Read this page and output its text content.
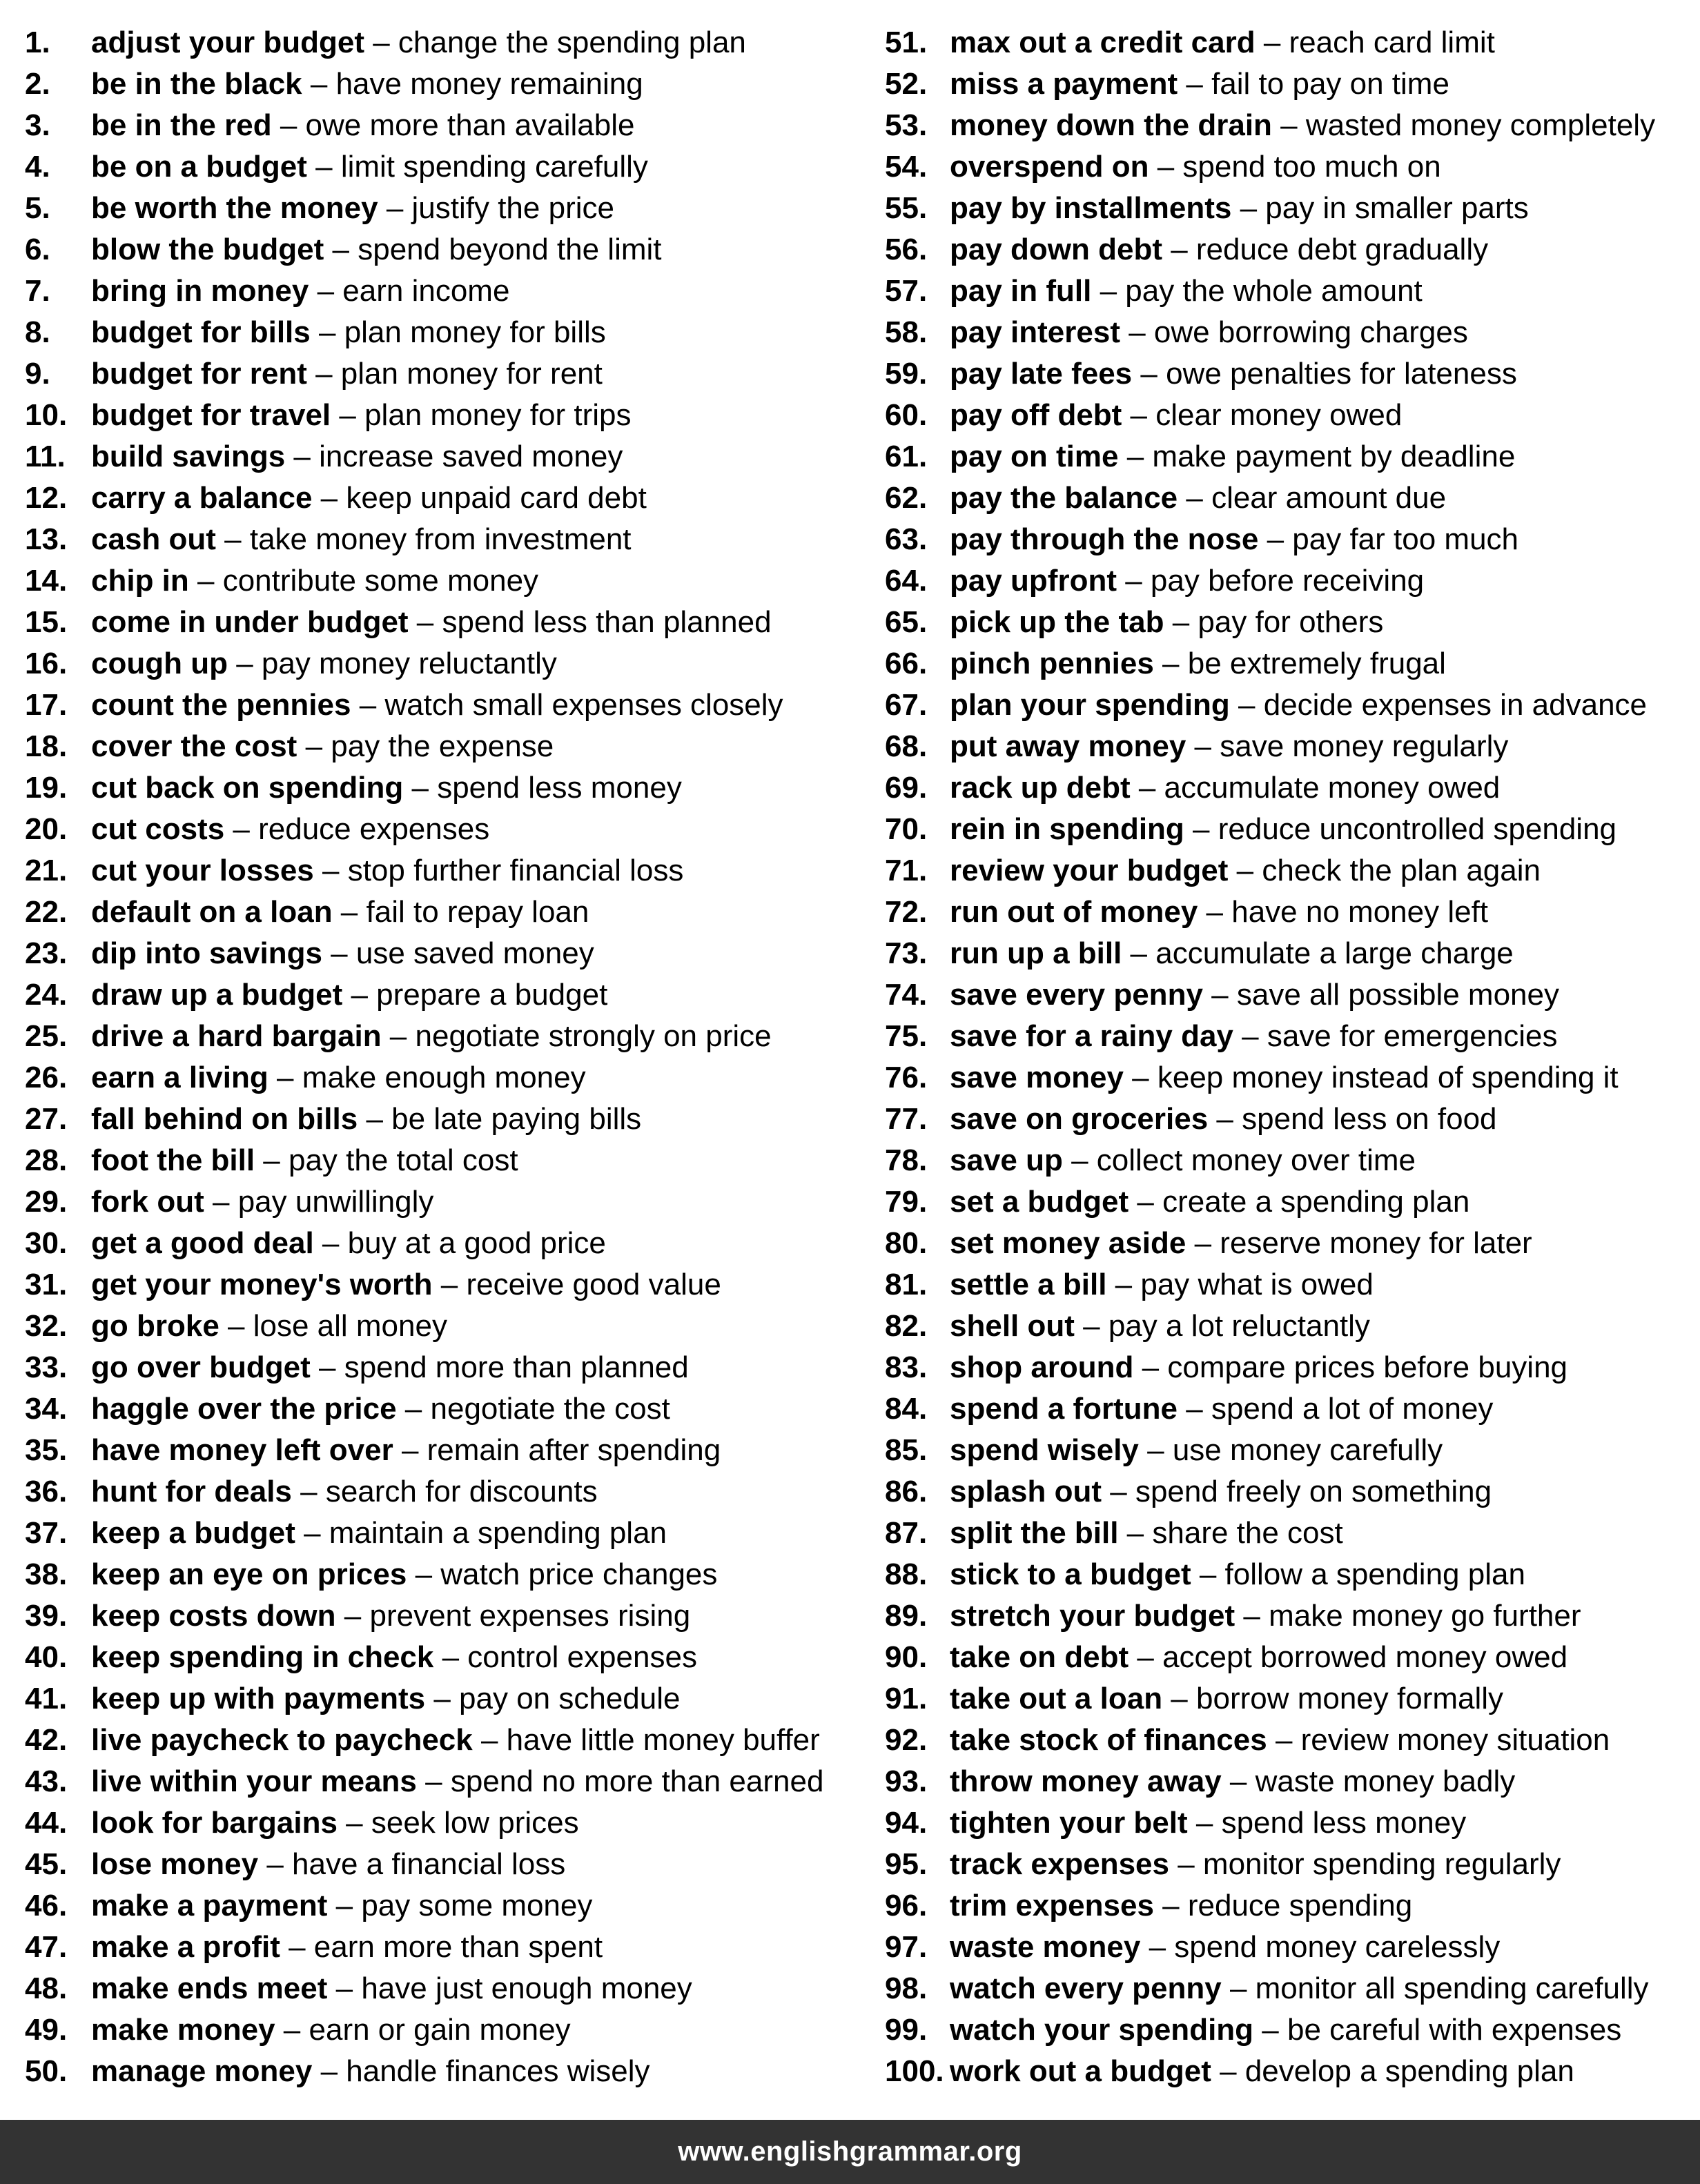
1. adjust your budget – change the spending plan
2. be in the black – have money remaining
3. be in the red – owe more than available
4. be on a budget – limit spending carefully
5. be worth the money – justify the price
6. blow the budget – spend beyond the limit
7. bring in money – earn income
8. budget for bills – plan money for bills
9. budget for rent – plan money for rent
10. budget for travel – plan money for trips
11. build savings – increase saved money
12. carry a balance – keep unpaid card debt
13. cash out – take money from investment
14. chip in – contribute some money
15. come in under budget – spend less than planned
16. cough up – pay money reluctantly
17. count the pennies – watch small expenses closely
18. cover the cost – pay the expense
19. cut back on spending – spend less money
20. cut costs – reduce expenses
21. cut your losses – stop further financial loss
22. default on a loan – fail to repay loan
23. dip into savings – use saved money
24. draw up a budget – prepare a budget
25. drive a hard bargain – negotiate strongly on price
26. earn a living – make enough money
27. fall behind on bills – be late paying bills
28. foot the bill – pay the total cost
29. fork out – pay unwillingly
30. get a good deal – buy at a good price
31. get your money's worth – receive good value
32. go broke – lose all money
33. go over budget – spend more than planned
34. haggle over the price – negotiate the cost
35. have money left over – remain after spending
36. hunt for deals – search for discounts
37. keep a budget – maintain a spending plan
38. keep an eye on prices – watch price changes
39. keep costs down – prevent expenses rising
40. keep spending in check – control expenses
41. keep up with payments – pay on schedule
42. live paycheck to paycheck – have little money buffer
43. live within your means – spend no more than earned
44. look for bargains – seek low prices
45. lose money – have a financial loss
46. make a payment – pay some money
47. make a profit – earn more than spent
48. make ends meet – have just enough money
49. make money – earn or gain money
50. manage money – handle finances wisely
51. max out a credit card – reach card limit
52. miss a payment – fail to pay on time
53. money down the drain – wasted money completely
54. overspend on – spend too much on
55. pay by installments – pay in smaller parts
56. pay down debt – reduce debt gradually
57. pay in full – pay the whole amount
58. pay interest – owe borrowing charges
59. pay late fees – owe penalties for lateness
60. pay off debt – clear money owed
61. pay on time – make payment by deadline
62. pay the balance – clear amount due
63. pay through the nose – pay far too much
64. pay upfront – pay before receiving
65. pick up the tab – pay for others
66. pinch pennies – be extremely frugal
67. plan your spending – decide expenses in advance
68. put away money – save money regularly
69. rack up debt – accumulate money owed
70. rein in spending – reduce uncontrolled spending
71. review your budget – check the plan again
72. run out of money – have no money left
73. run up a bill – accumulate a large charge
74. save every penny – save all possible money
75. save for a rainy day – save for emergencies
76. save money – keep money instead of spending it
77. save on groceries – spend less on food
78. save up – collect money over time
79. set a budget – create a spending plan
80. set money aside – reserve money for later
81. settle a bill – pay what is owed
82. shell out – pay a lot reluctantly
83. shop around – compare prices before buying
84. spend a fortune – spend a lot of money
85. spend wisely – use money carefully
86. splash out – spend freely on something
87. split the bill – share the cost
88. stick to a budget – follow a spending plan
89. stretch your budget – make money go further
90. take on debt – accept borrowed money owed
91. take out a loan – borrow money formally
92. take stock of finances – review money situation
93. throw money away – waste money badly
94. tighten your belt – spend less money
95. track expenses – monitor spending regularly
96. trim expenses – reduce spending
97. waste money – spend money carelessly
98. watch every penny – monitor all spending carefully
99. watch your spending – be careful with expenses
100. work out a budget – develop a spending plan
www.englishgrammar.org
